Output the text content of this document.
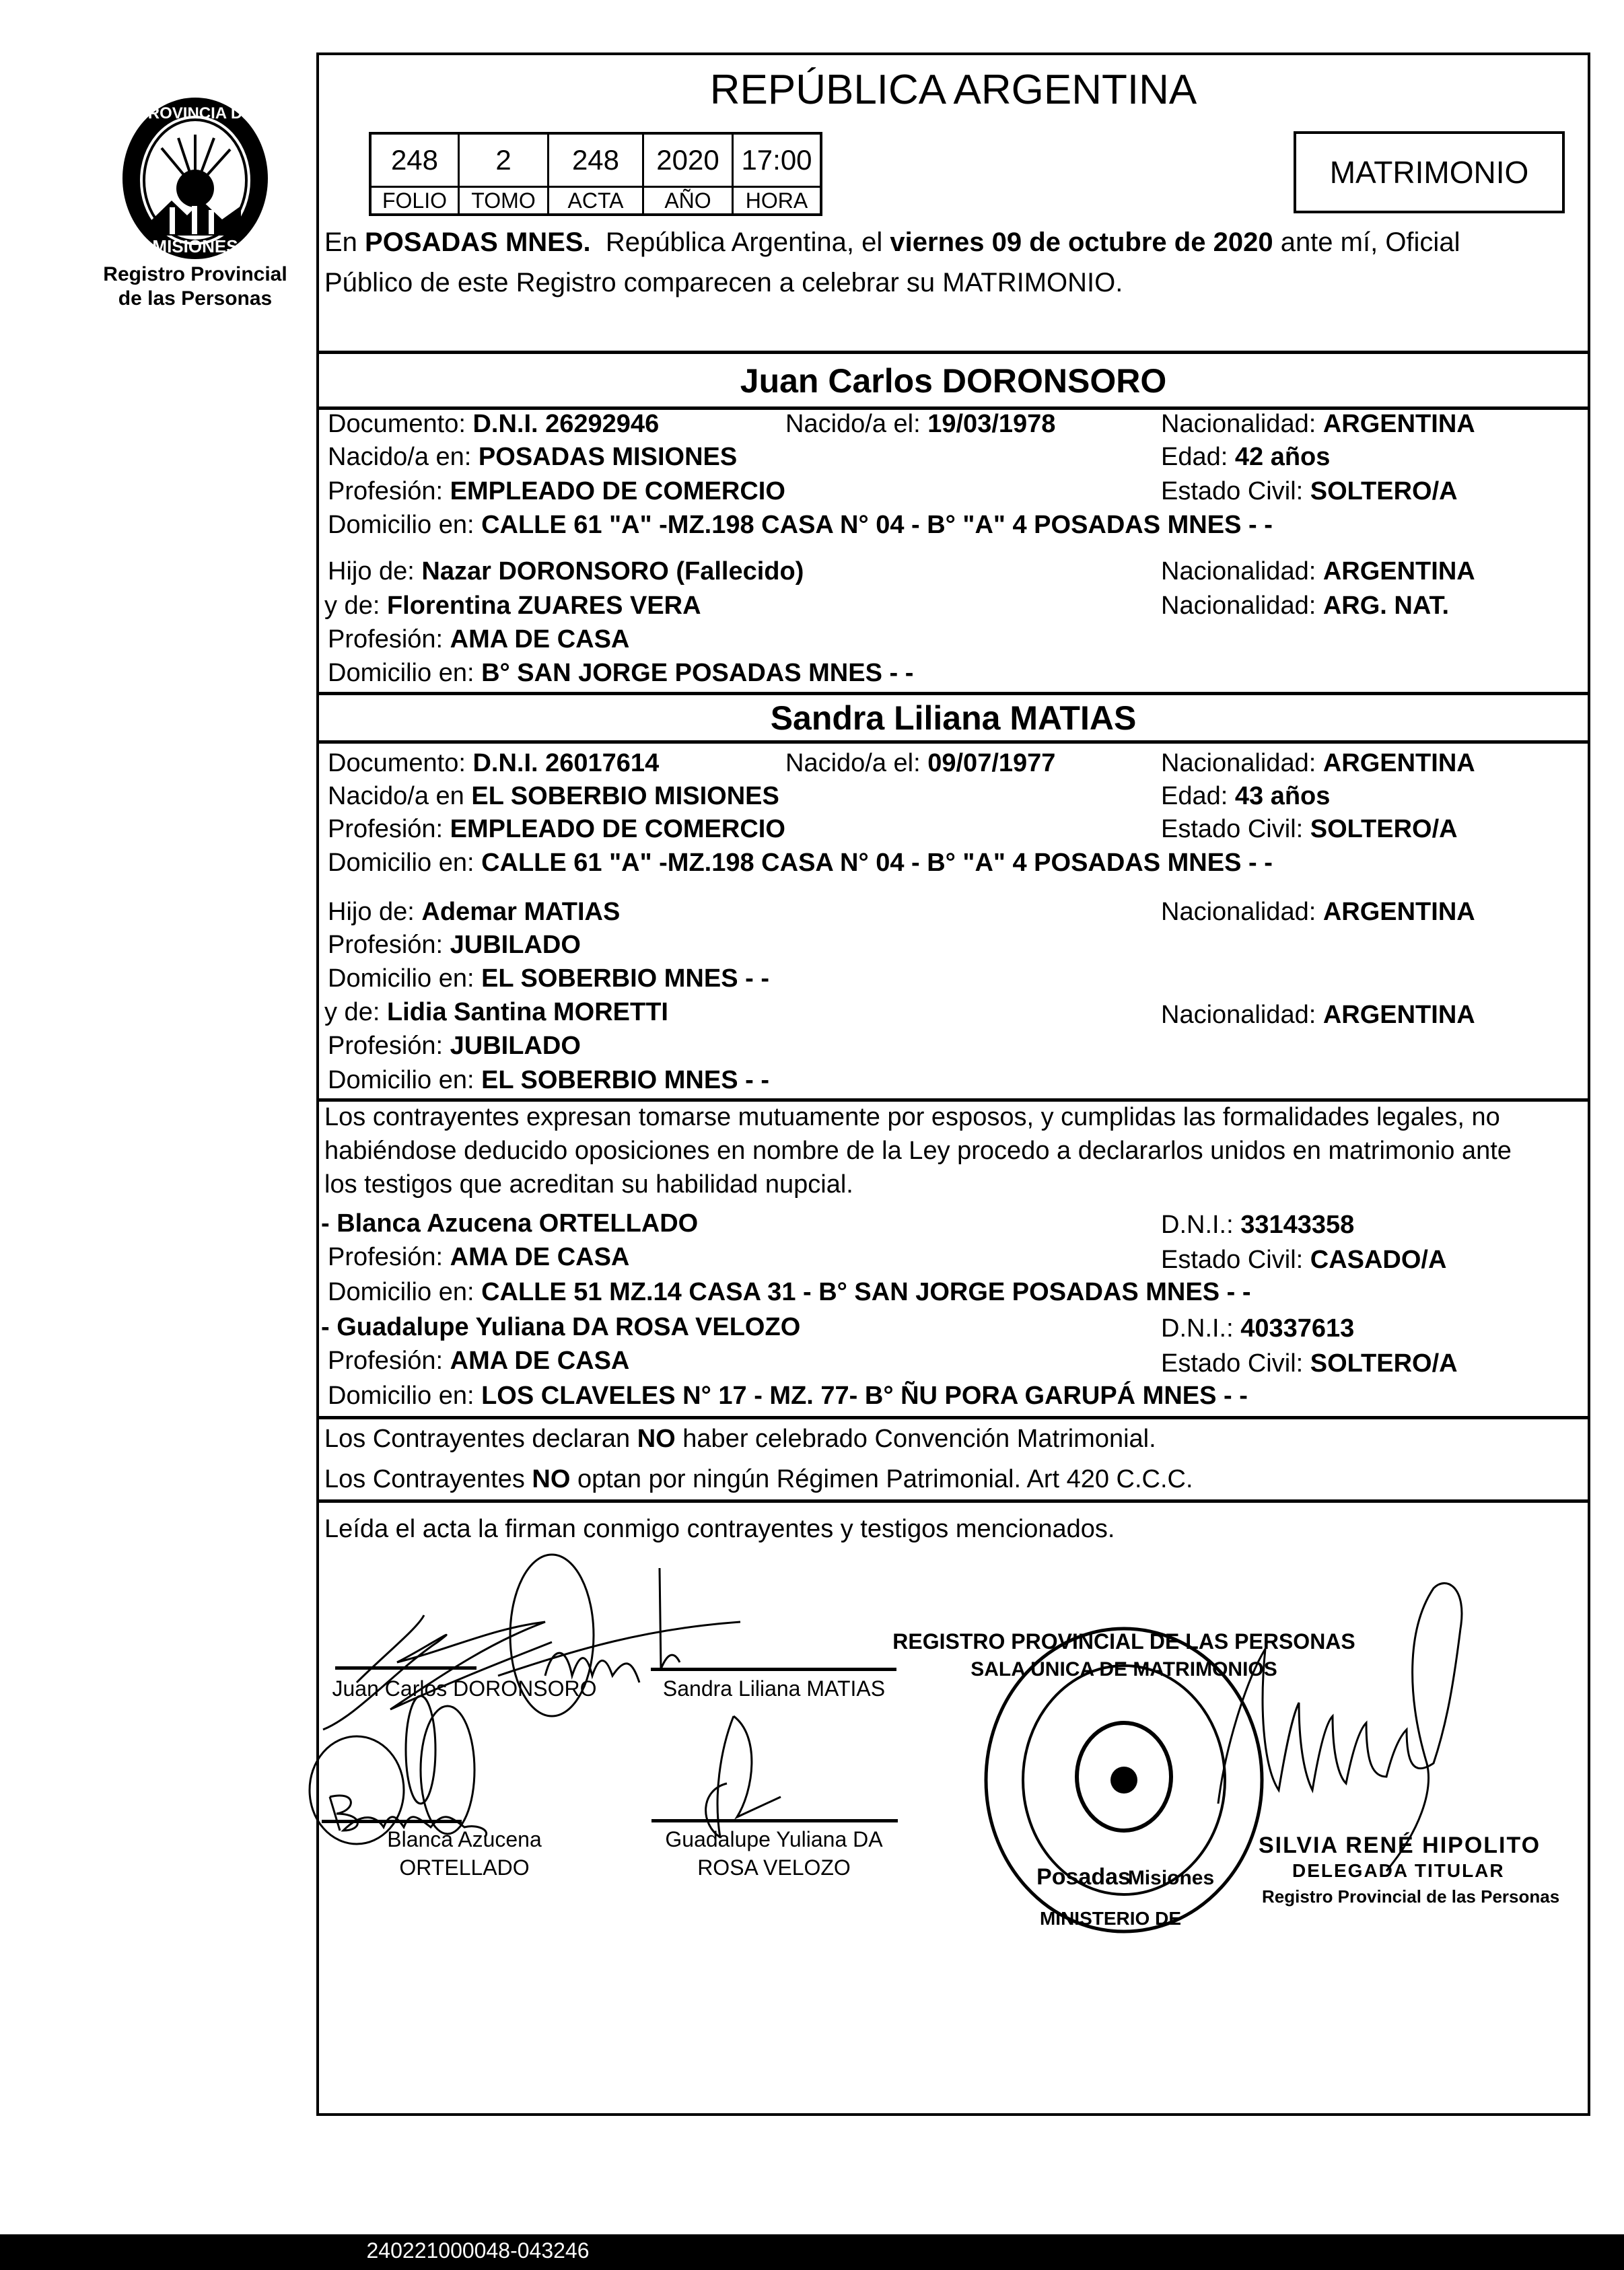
PROVINCIA DE
MISIONES
Registro Provincial
de las Personas
REPÚBLICA ARGENTINA
248	2	248	2020	17:00
FOLIO	TOMO	ACTA	AÑO	HORA
MATRIMONIO
En POSADAS MNES.  República Argentina, el viernes 09 de octubre de 2020 ante mí, Oficial
Público de este Registro comparecen a celebrar su MATRIMONIO.
Juan Carlos DORONSORO
Documento: D.N.I. 26292946	Nacido/a el: 19/03/1978	Nacionalidad: ARGENTINA
Nacido/a en: POSADAS MISIONES	Edad: 42 años
Profesión: EMPLEADO DE COMERCIO	Estado Civil: SOLTERO/A
Domicilio en: CALLE 61 "A" -MZ.198 CASA N° 04 - B° "A" 4 POSADAS MNES - -
Hijo de: Nazar DORONSORO (Fallecido)	Nacionalidad: ARGENTINA
y de: Florentina ZUARES VERA	Nacionalidad: ARG. NAT.
Profesión: AMA DE CASA
Domicilio en: B° SAN JORGE POSADAS MNES - -
Sandra Liliana MATIAS
Documento: D.N.I. 26017614	Nacido/a el: 09/07/1977	Nacionalidad: ARGENTINA
Nacido/a en EL SOBERBIO MISIONES	Edad: 43 años
Profesión: EMPLEADO DE COMERCIO	Estado Civil: SOLTERO/A
Domicilio en: CALLE 61 "A" -MZ.198 CASA N° 04 - B° "A" 4 POSADAS MNES - -
Hijo de: Ademar MATIAS	Nacionalidad: ARGENTINA
Profesión: JUBILADO
Domicilio en: EL SOBERBIO MNES - -
y de: Lidia Santina MORETTI	Nacionalidad: ARGENTINA
Profesión: JUBILADO
Domicilio en: EL SOBERBIO MNES - -
Los contrayentes expresan tomarse mutuamente por esposos, y cumplidas las formalidades legales, no
habiéndose deducido oposiciones en nombre de la Ley procedo a declararlos unidos en matrimonio ante
los testigos que acreditan su habilidad nupcial.
- Blanca Azucena ORTELLADO	D.N.I.: 33143358
Profesión: AMA DE CASA	Estado Civil: CASADO/A
Domicilio en: CALLE 51 MZ.14 CASA 31 - B° SAN JORGE POSADAS MNES - -
- Guadalupe Yuliana DA ROSA VELOZO	D.N.I.: 40337613
Profesión: AMA DE CASA	Estado Civil: SOLTERO/A
Domicilio en: LOS CLAVELES N° 17 - MZ. 77- B° ÑU PORA GARUPÁ MNES - -
Los Contrayentes declaran NO haber celebrado Convención Matrimonial.
Los Contrayentes NO optan por ningún Régimen Patrimonial. Art 420 C.C.C.
Leída el acta la firman conmigo contrayentes y testigos mencionados.
Juan Carlos DORONSORO	Sandra Liliana MATIAS
Blanca Azucena
ORTELLADO
Guadalupe Yuliana DA
ROSA VELOZO
SALA UNICA DE MATRIMONIOS
REGISTRO PROVINCIAL DE LAS PERSONAS
Posadas
Misiones
MINISTERIO DE
SILVIA RENÉ HIPOLITO
DELEGADA TITULAR
Registro Provincial de las Personas
240221000048-043246
